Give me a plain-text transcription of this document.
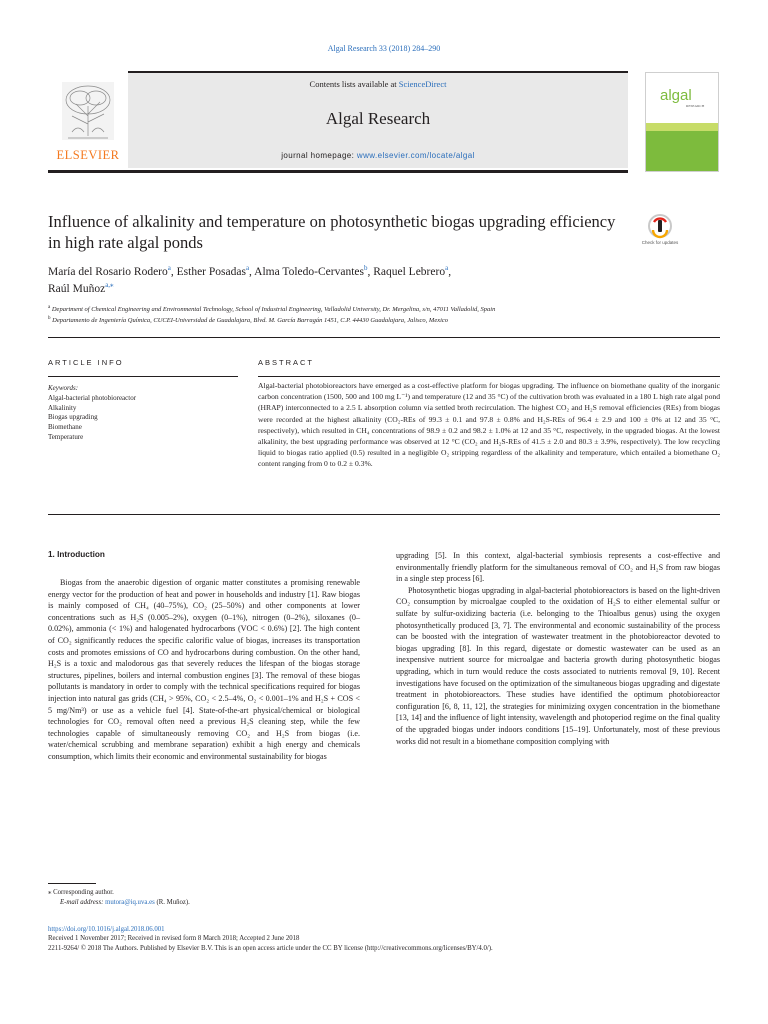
Algal Research 33 (2018) 284–290
ELSEVIER
Contents lists available at ScienceDirect
Algal Research
journal homepage: www.elsevier.com/locate/algal
algal
RESEARCH
Influence of alkalinity and temperature on photosynthetic biogas upgrading efficiency in high rate algal ponds	Check for updates
María del Rosario Rodero$^a$, Esther Posadas$^a$, Alma Toledo-Cervantes$^b$, Raquel Lebrero$^a$,
Raúl Muñoz$^{a,⁎}$
$^a$ Department of Chemical Engineering and Environmental Technology, School of Industrial Engineering, Valladolid University, Dr. Mergelina, s/n, 47011 Valladolid, Spain
$^b$ Departamento de Ingeniería Química, CUCEI-Universidad de Guadalajara, Blvd. M. García Barragán 1451, C.P. 44430 Guadalajara, Jalisco, Mexico
ARTICLE INFO	ABSTRACT
Keywords:
Algal-bacterial photobioreactor
Alkalinity
Biogas upgrading
Biomethane
Temperature
Algal-bacterial photobioreactors have emerged as a cost-effective platform for biogas upgrading. The influence on biomethane quality of the inorganic carbon concentration (1500, 500 and 100 mg L⁻¹) and temperature (12 and 35 °C) of the cultivation broth was evaluated in a 180 L high rate algal pond (HRAP) interconnected to a 2.5 L absorption column via settled broth recirculation. The highest CO₂ and H₂S removal efficiencies (REs) from biogas were recorded at the highest alkalinity (CO₂-REs of 99.3 ± 0.1 and 97.8 ± 0.8% and H₂S-REs of 96.4 ± 2.9 and 100 ± 0% at 12 and 35 °C, respectively), which resulted in CH₄ concentrations of 98.9 ± 0.2 and 98.2 ± 1.0% at 12 and 35 °C, respectively, in the upgraded biogas. At the lowest alkalinity, the best upgrading performance was observed at 12 °C (CO₂ and H₂S-REs of 41.5 ± 2.0 and 80.3 ± 3.9%, respectively). The low recycling liquid to biogas ratio applied (0.5) resulted in a negligible O₂ stripping regardless of the alkalinity and temperature, which entailed a biomethane O₂ content ranging from 0 to 0.2 ± 0.3%.
1. Introduction

Biogas from the anaerobic digestion of organic matter constitutes a promising renewable energy vector for the production of heat and power in households and industry [1]. Raw biogas is mainly composed of CH₄ (40–75%), CO₂ (25–50%) and other components at lower concentrations such as H₂S (0.005–2%), oxygen (0–1%), nitrogen (0–2%), siloxanes (0–0.02%), ammonia (< 1%) and halogenated hydrocarbons (VOC < 0.6%) [2]. The high content of CO₂ significantly reduces the specific calorific value of biogas, increases its transportation costs and promotes emissions of CO and hydrocarbons during combustion. On the other hand, H₂S is a toxic and malodorous gas that severely reduces the lifespan of the biogas storage structures, pipelines, boilers and internal combustion engines [3]. The removal of these biogas pollutants is mandatory in order to comply with the technical specifications required for biogas injection into natural gas grids (CH₄ > 95%, CO₂ < 2.5–4%, O₂ < 0.001–1% and H₂S + COS < 5 mg/Nm³) or use as a vehicle fuel [4]. State-of-the-art physical/chemical or biological technologies for CO₂ removal often need a previous H₂S cleaning step, while the few technologies capable of simultaneously removing CO₂ and H₂S from biogas (i.e. water/chemical scrubbing and membrane separation) exhibit a high energy and chemicals consumption, which limits their economic and environmental sustainability for biogas

upgrading [5]. In this context, algal-bacterial symbiosis represents a cost-effective and environmentally friendly platform for the simultaneous removal of CO₂ and H₂S from raw biogas in a single step process [6].

Photosynthetic biogas upgrading in algal-bacterial photobioreactors is based on the light-driven CO₂ consumption by microalgae coupled to the oxidation of H₂S to either elemental sulfur or sulfate by sulfur-oxidizing bacteria (i.e. belonging to the Thioalbus genus) using the oxygen photosynthetically produced [3, 7]. The environmental and economic sustainability of the process can be boosted with the integration of wastewater treatment in the photobioreactor devoted to biogas upgrading [8]. In this regard, digestate or domestic wastewater can be used as an inexpensive nutrient source for microalgae and bacteria growth during photosynthetic biogas upgrading, which in turn would reduce the costs associated to nutrients removal [9, 10]. Recent investigations have focused on the optimization of the simultaneous biogas upgrading and digestate treatment in photobioreactors. These studies have identified the optimum photobioreactor configuration [6, 8, 11, 12], the strategies for minimizing oxygen concentration in the biomethane [13, 14] and the influence of light intensity, wavelength and photoperiod regime on the final quality of the upgraded biogas under indoors conditions [15–19]. Unfortunately, most of these previous works did not result in a biomethane composition complying with

⁎ Corresponding author.
E-mail address: mutora@iq.uva.es (R. Muñoz).
https://doi.org/10.1016/j.algal.2018.06.001
Received 1 November 2017; Received in revised form 8 March 2018; Accepted 2 June 2018
2211-9264/ © 2018 The Authors. Published by Elsevier B.V. This is an open access article under the CC BY license (http://creativecommons.org/licenses/BY/4.0/).
